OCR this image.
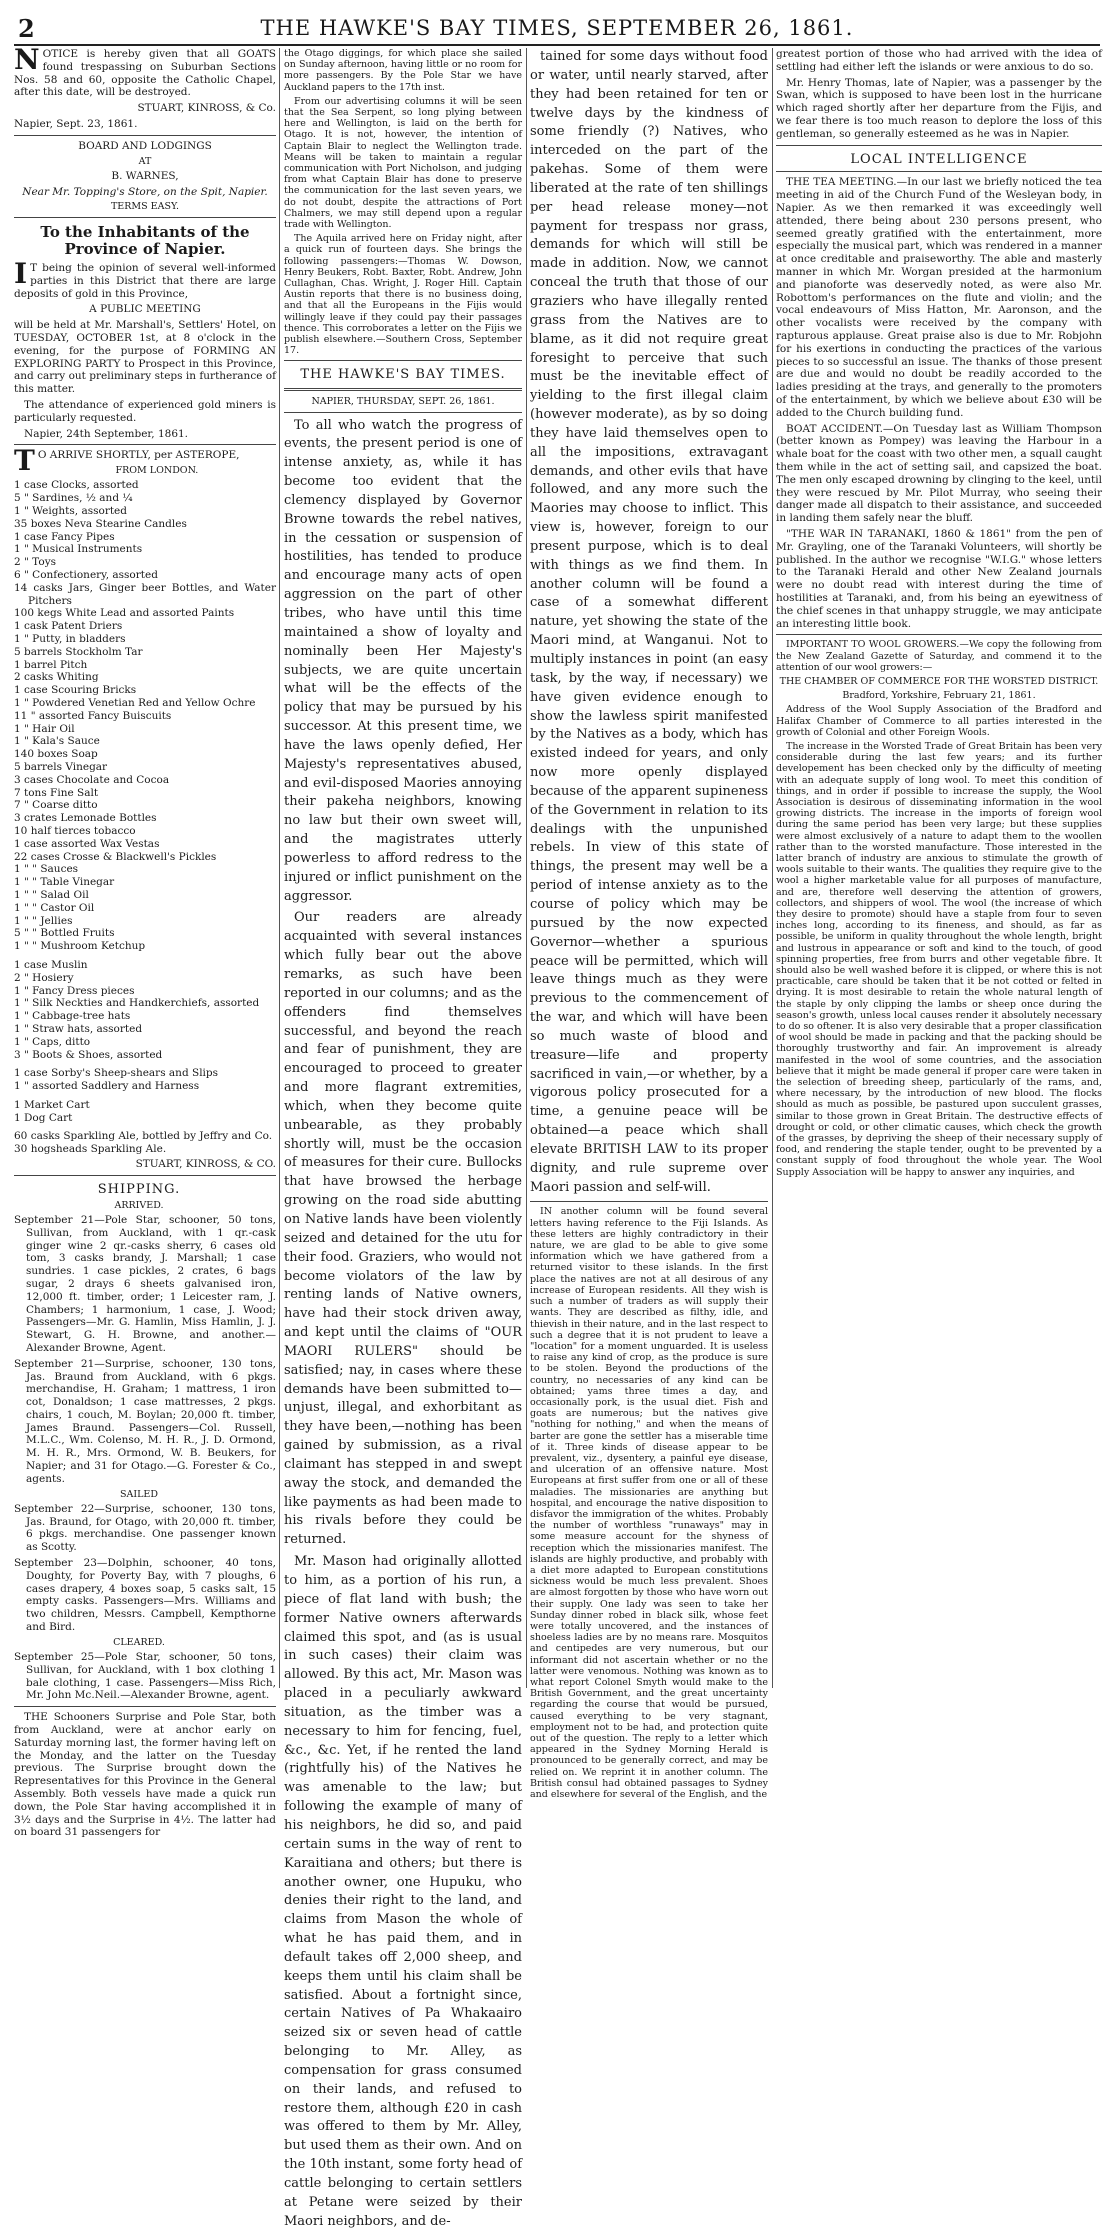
2	THE HAWKE'S BAY TIMES, SEPTEMBER 26, 1861.

NOTICE is hereby given that all GOATS found trespassing on Suburban Sections Nos. 58 and 60, opposite the Catholic Chapel, after this date, will be destroyed.

STUART, KINROSS, & Co.

Napier, Sept. 23, 1861.

BOARD AND LODGINGS

AT

B. WARNES,

Near Mr. Topping's Store, on the Spit, Napier.

TERMS EASY.

To the Inhabitants of the Province of Napier.

I T being the opinion of several well-informed parties in this District that there are large deposits of gold in this Province,

A PUBLIC MEETING

will be held at Mr. Marshall's, Settlers' Hotel, on TUESDAY, OCTOBER 1st, at 8 o'clock in the evening, for the purpose of FORMING AN EXPLORING PARTY to Prospect in this Province, and carry out preliminary steps in furtherance of this matter.

The attendance of experienced gold miners is particularly requested.

Napier, 24th September, 1861.

T O ARRIVE SHORTLY, per ASTEROPE,

FROM LONDON.

1 case Clocks, assorted
5 " Sardines, ½ and ¼
1 " Weights, assorted
35 boxes Neva Stearine Candles
1 case Fancy Pipes
1 " Musical Instruments
2 " Toys
6 " Confectionery, assorted
14 casks Jars, Ginger beer Bottles, and Water Pitchers
100 kegs White Lead and assorted Paints
1 cask Patent Driers
1 " Putty, in bladders
5 barrels Stockholm Tar
1 barrel Pitch
2 casks Whiting
1 case Scouring Bricks
1 " Powdered Venetian Red and Yellow Ochre
11 " assorted Fancy Buiscuits
1 " Hair Oil
1 " Kala's Sauce
140 boxes Soap
5 barrels Vinegar
3 cases Chocolate and Cocoa
7 tons Fine Salt
7 " Coarse ditto
3 crates Lemonade Bottles
10 half tierces tobacco
1 case assorted Wax Vestas
22 cases Crosse & Blackwell's Pickles
1 " " Sauces
1 " " Table Vinegar
1 " " Salad Oil
1 " " Castor Oil
1 " " Jellies
5 " " Bottled Fruits
1 " " Mushroom Ketchup
1 case Muslin
2 " Hosiery
1 " Fancy Dress pieces
1 " Silk Neckties and Handkerchiefs, assorted
1 " Cabbage-tree hats
1 " Straw hats, assorted
1 " Caps, ditto
3 " Boots & Shoes, assorted
1 case Sorby's Sheep-shears and Slips
1 " assorted Saddlery and Harness
1 Market Cart
1 Dog Cart
60 casks Sparkling Ale, bottled by Jeffry and Co.
30 hogsheads Sparkling Ale.

STUART, KINROSS, & CO.

SHIPPING.

ARRIVED.

September 21—Pole Star, schooner, 50 tons, Sullivan, from Auckland, with 1 qr.-cask ginger wine 2 qr.-casks sherry, 6 cases old tom, 3 casks brandy, J. Marshall; 1 case sundries. 1 case pickles, 2 crates, 6 bags sugar, 2 drays 6 sheets galvanised iron, 12,000 ft. timber, order; 1 Leicester ram, J. Chambers; 1 harmonium, 1 case, J. Wood; Passengers—Mr. G. Hamlin, Miss Hamlin, J. J. Stewart, G. H. Browne, and another.—Alexander Browne, Agent.

September 21—Surprise, schooner, 130 tons, Jas. Braund from Auckland, with 6 pkgs. merchandise, H. Graham; 1 mattress, 1 iron cot, Donaldson; 1 case mattresses, 2 pkgs. chairs, 1 couch, M. Boylan; 20,000 ft. timber, James Braund. Passengers—Col. Russell, M.L.C., Wm. Colenso, M. H. R., J. D. Ormond, M. H. R., Mrs. Ormond, W. B. Beukers, for Napier; and 31 for Otago.—G. Forester & Co., agents.

SAILED

September 22—Surprise, schooner, 130 tons, Jas. Braund, for Otago, with 20,000 ft. timber, 6 pkgs. merchandise. One passenger known as Scotty.

September 23—Dolphin, schooner, 40 tons, Doughty, for Poverty Bay, with 7 ploughs, 6 cases drapery, 4 boxes soap, 5 casks salt, 15 empty casks. Passengers—Mrs. Williams and two children, Messrs. Campbell, Kempthorne and Bird.

CLEARED.

September 25—Pole Star, schooner, 50 tons, Sullivan, for Auckland, with 1 box clothing 1 bale clothing, 1 case. Passengers—Miss Rich, Mr. John Mc.Neil.—Alexander Browne, agent.

THE Schooners Surprise and Pole Star, both from Auckland, were at anchor early on Saturday morning last, the former having left on the Monday, and the latter on the Tuesday previous. The Surprise brought down the Representatives for this Province in the General Assembly. Both vessels have made a quick run down, the Pole Star having accomplished it in 3½ days and the Surprise in 4½. The latter had on board 31 passengers for

the Otago diggings, for which place she sailed on Sunday afternoon, having little or no room for more passengers. By the Pole Star we have Auckland papers to the 17th inst.

From our advertising columns it will be seen that the Sea Serpent, so long plying between here and Wellington, is laid on the berth for Otago. It is not, however, the intention of Captain Blair to neglect the Wellington trade. Means will be taken to maintain a regular communication with Port Nicholson, and judging from what Captain Blair has done to preserve the communication for the last seven years, we do not doubt, despite the attractions of Port Chalmers, we may still depend upon a regular trade with Wellington.

The Aquila arrived here on Friday night, after a quick run of fourteen days. She brings the following passengers:—Thomas W. Dowson, Henry Beukers, Robt. Baxter, Robt. Andrew, John Cullaghan, Chas. Wright, J. Roger Hill. Captain Austin reports that there is no business doing, and that all the Europeans in the Fijis would willingly leave if they could pay their passages thence. This corroborates a letter on the Fijis we publish elsewhere.—Southern Cross, September 17.

THE HAWKE'S BAY TIMES.

NAPIER, THURSDAY, SEPT. 26, 1861.

To all who watch the progress of events, the present period is one of intense anxiety, as, while it has become too evident that the clemency displayed by Governor Browne towards the rebel natives, in the cessation or suspension of hostilities, has tended to produce and encourage many acts of open aggression on the part of other tribes, who have until this time maintained a show of loyalty and nominally been Her Majesty's subjects, we are quite uncertain what will be the effects of the policy that may be pursued by his successor. At this present time, we have the laws openly defied, Her Majesty's representatives abused, and evil-disposed Maories annoying their pakeha neighbors, knowing no law but their own sweet will, and the magistrates utterly powerless to afford redress to the injured or inflict punishment on the aggressor.

Our readers are already acquainted with several instances which fully bear out the above remarks, as such have been reported in our columns; and as the offenders find themselves successful, and beyond the reach and fear of punishment, they are encouraged to proceed to greater and more flagrant extremities, which, when they become quite unbearable, as they probably shortly will, must be the occasion of measures for their cure. Bullocks that have browsed the herbage growing on the road side abutting on Native lands have been violently seized and detained for the utu for their food. Graziers, who would not become violators of the law by renting lands of Native owners, have had their stock driven away, and kept until the claims of "OUR MAORI RULERS" should be satisfied; nay, in cases where these demands have been submitted to—unjust, illegal, and exhorbitant as they have been,—nothing has been gained by submission, as a rival claimant has stepped in and swept away the stock, and demanded the like payments as had been made to his rivals before they could be returned.

Mr. Mason had originally allotted to him, as a portion of his run, a piece of flat land with bush; the former Native owners afterwards claimed this spot, and (as is usual in such cases) their claim was allowed. By this act, Mr. Mason was placed in a peculiarly awkward situation, as the timber was a necessary to him for fencing, fuel, &c., &c. Yet, if he rented the land (rightfully his) of the Natives he was amenable to the law; but following the example of many of his neighbors, he did so, and paid certain sums in the way of rent to Karaitiana and others; but there is another owner, one Hupuku, who denies their right to the land, and claims from Mason the whole of what he has paid them, and in default takes off 2,000 sheep, and keeps them until his claim shall be satisfied. About a fortnight since, certain Natives of Pa Whakaairo seized six or seven head of cattle belonging to Mr. Alley, as compensation for grass consumed on their lands, and refused to restore them, although £20 in cash was offered to them by Mr. Alley, but used them as their own. And on the 10th instant, some forty head of cattle belonging to certain settlers at Petane were seized by their Maori neighbors, and de-

tained for some days without food or water, until nearly starved, after they had been retained for ten or twelve days by the kindness of some friendly (?) Natives, who interceded on the part of the pakehas. Some of them were liberated at the rate of ten shillings per head release money—not payment for trespass nor grass, demands for which will still be made in addition. Now, we cannot conceal the truth that those of our graziers who have illegally rented grass from the Natives are to blame, as it did not require great foresight to perceive that such must be the inevitable effect of yielding to the first illegal claim (however moderate), as by so doing they have laid themselves open to all the impositions, extravagant demands, and other evils that have followed, and any more such the Maories may choose to inflict. This view is, however, foreign to our present purpose, which is to deal with things as we find them. In another column will be found a case of a somewhat different nature, yet showing the state of the Maori mind, at Wanganui. Not to multiply instances in point (an easy task, by the way, if necessary) we have given evidence enough to show the lawless spirit manifested by the Natives as a body, which has existed indeed for years, and only now more openly displayed because of the apparent supineness of the Government in relation to its dealings with the unpunished rebels. In view of this state of things, the present may well be a period of intense anxiety as to the course of policy which may be pursued by the now expected Governor—whether a spurious peace will be permitted, which will leave things much as they were previous to the commencement of the war, and which will have been so much waste of blood and treasure—life and property sacrificed in vain,—or whether, by a vigorous policy prosecuted for a time, a genuine peace will be obtained—a peace which shall elevate BRITISH LAW to its proper dignity, and rule supreme over Maori passion and self-will.

IN another column will be found several letters having reference to the Fiji Islands. As these letters are highly contradictory in their nature, we are glad to be able to give some information which we have gathered from a returned visitor to these islands. In the first place the natives are not at all desirous of any increase of European residents. All they wish is such a number of traders as will supply their wants. They are described as filthy, idle, and thievish in their nature, and in the last respect to such a degree that it is not prudent to leave a "location" for a moment unguarded. It is useless to raise any kind of crop, as the produce is sure to be stolen. Beyond the productions of the country, no necessaries of any kind can be obtained; yams three times a day, and occasionally pork, is the usual diet. Fish and goats are numerous; but the natives give "nothing for nothing," and when the means of barter are gone the settler has a miserable time of it. Three kinds of disease appear to be prevalent, viz., dysentery, a painful eye disease, and ulceration of an offensive nature. Most Europeans at first suffer from one or all of these maladies. The missionaries are anything but hospital, and encourage the native disposition to disfavor the immigration of the whites. Probably the number of worthless "runaways" may in some measure account for the shyness of reception which the missionaries manifest. The islands are highly productive, and probably with a diet more adapted to European constitutions sickness would be much less prevalent. Shoes are almost forgotten by those who have worn out their supply. One lady was seen to take her Sunday dinner robed in black silk, whose feet were totally uncovered, and the instances of shoeless ladies are by no means rare. Mosquitos and centipedes are very numerous, but our informant did not ascertain whether or no the latter were venomous. Nothing was known as to what report Colonel Smyth would make to the British Government, and the great uncertainty regarding the course that would be pursued, caused everything to be very stagnant, employment not to be had, and protection quite out of the question. The reply to a letter which appeared in the Sydney Morning Herald is pronounced to be generally correct, and may be relied on. We reprint it in another column. The British consul had obtained passages to Sydney and elsewhere for several of the English, and the

greatest portion of those who had arrived with the idea of settling had either left the islands or were anxious to do so.

Mr. Henry Thomas, late of Napier, was a passenger by the Swan, which is supposed to have been lost in the hurricane which raged shortly after her departure from the Fijis, and we fear there is too much reason to deplore the loss of this gentleman, so generally esteemed as he was in Napier.

LOCAL INTELLIGENCE

THE TEA MEETING.—In our last we briefly noticed the tea meeting in aid of the Church Fund of the Wesleyan body, in Napier. As we then remarked it was exceedingly well attended, there being about 230 persons present, who seemed greatly gratified with the entertainment, more especially the musical part, which was rendered in a manner at once creditable and praiseworthy. The able and masterly manner in which Mr. Worgan presided at the harmonium and pianoforte was deservedly noted, as were also Mr. Robottom's performances on the flute and violin; and the vocal endeavours of Miss Hatton, Mr. Aaronson, and the other vocalists were received by the company with rapturous applause. Great praise also is due to Mr. Robjohn for his exertions in conducting the practices of the various pieces to so successful an issue. The thanks of those present are due and would no doubt be readily accorded to the ladies presiding at the trays, and generally to the promoters of the entertainment, by which we believe about £30 will be added to the Church building fund.

BOAT ACCIDENT.—On Tuesday last as William Thompson (better known as Pompey) was leaving the Harbour in a whale boat for the coast with two other men, a squall caught them while in the act of setting sail, and capsized the boat. The men only escaped drowning by clinging to the keel, until they were rescued by Mr. Pilot Murray, who seeing their danger made all dispatch to their assistance, and succeeded in landing them safely near the bluff.

"THE WAR IN TARANAKI, 1860 & 1861" from the pen of Mr. Grayling, one of the Taranaki Volunteers, will shortly be published. In the author we recognise "W.I.G." whose letters to the Taranaki Herald and other New Zealand journals were no doubt read with interest during the time of hostilities at Taranaki, and, from his being an eyewitness of the chief scenes in that unhappy struggle, we may anticipate an interesting little book.

IMPORTANT TO WOOL GROWERS.—We copy the following from the New Zealand Gazette of Saturday, and commend it to the attention of our wool growers:—

THE CHAMBER OF COMMERCE FOR THE WORSTED DISTRICT.

Bradford, Yorkshire, February 21, 1861.

Address of the Wool Supply Association of the Bradford and Halifax Chamber of Commerce to all parties interested in the growth of Colonial and other Foreign Wools.

The increase in the Worsted Trade of Great Britain has been very considerable during the last few years; and its further developement has been checked only by the difficulty of meeting with an adequate supply of long wool. To meet this condition of things, and in order if possible to increase the supply, the Wool Association is desirous of disseminating information in the wool growing districts. The increase in the imports of foreign wool during the same period has been very large; but these supplies were almost exclusively of a nature to adapt them to the woollen rather than to the worsted manufacture. Those interested in the latter branch of industry are anxious to stimulate the growth of wools suitable to their wants. The qualities they require give to the wool a higher marketable value for all purposes of manufacture, and are, therefore well deserving the attention of growers, collectors, and shippers of wool. The wool (the increase of which they desire to promote) should have a staple from four to seven inches long, according to its fineness, and should, as far as possible, be uniform in quality throughout the whole length, bright and lustrous in appearance or soft and kind to the touch, of good spinning properties, free from burrs and other vegetable fibre. It should also be well washed before it is clipped, or where this is not practicable, care should be taken that it be not cotted or felted in drying. It is most desirable to retain the whole natural length of the staple by only clipping the lambs or sheep once during the season's growth, unless local causes render it absolutely necessary to do so oftener. It is also very desirable that a proper classification of wool should be made in packing and that the packing should be thoroughly trustworthy and fair. An improvement is already manifested in the wool of some countries, and the association believe that it might be made general if proper care were taken in the selection of breeding sheep, particularly of the rams, and, where necessary, by the introduction of new blood. The flocks should as much as possible, be pastured upon succulent grasses, similar to those grown in Great Britain. The destructive effects of drought or cold, or other climatic causes, which check the growth of the grasses, by depriving the sheep of their necessary supply of food, and rendering the staple tender, ought to be prevented by a constant supply of food throughout the whole year. The Wool Supply Association will be happy to answer any inquiries, and
